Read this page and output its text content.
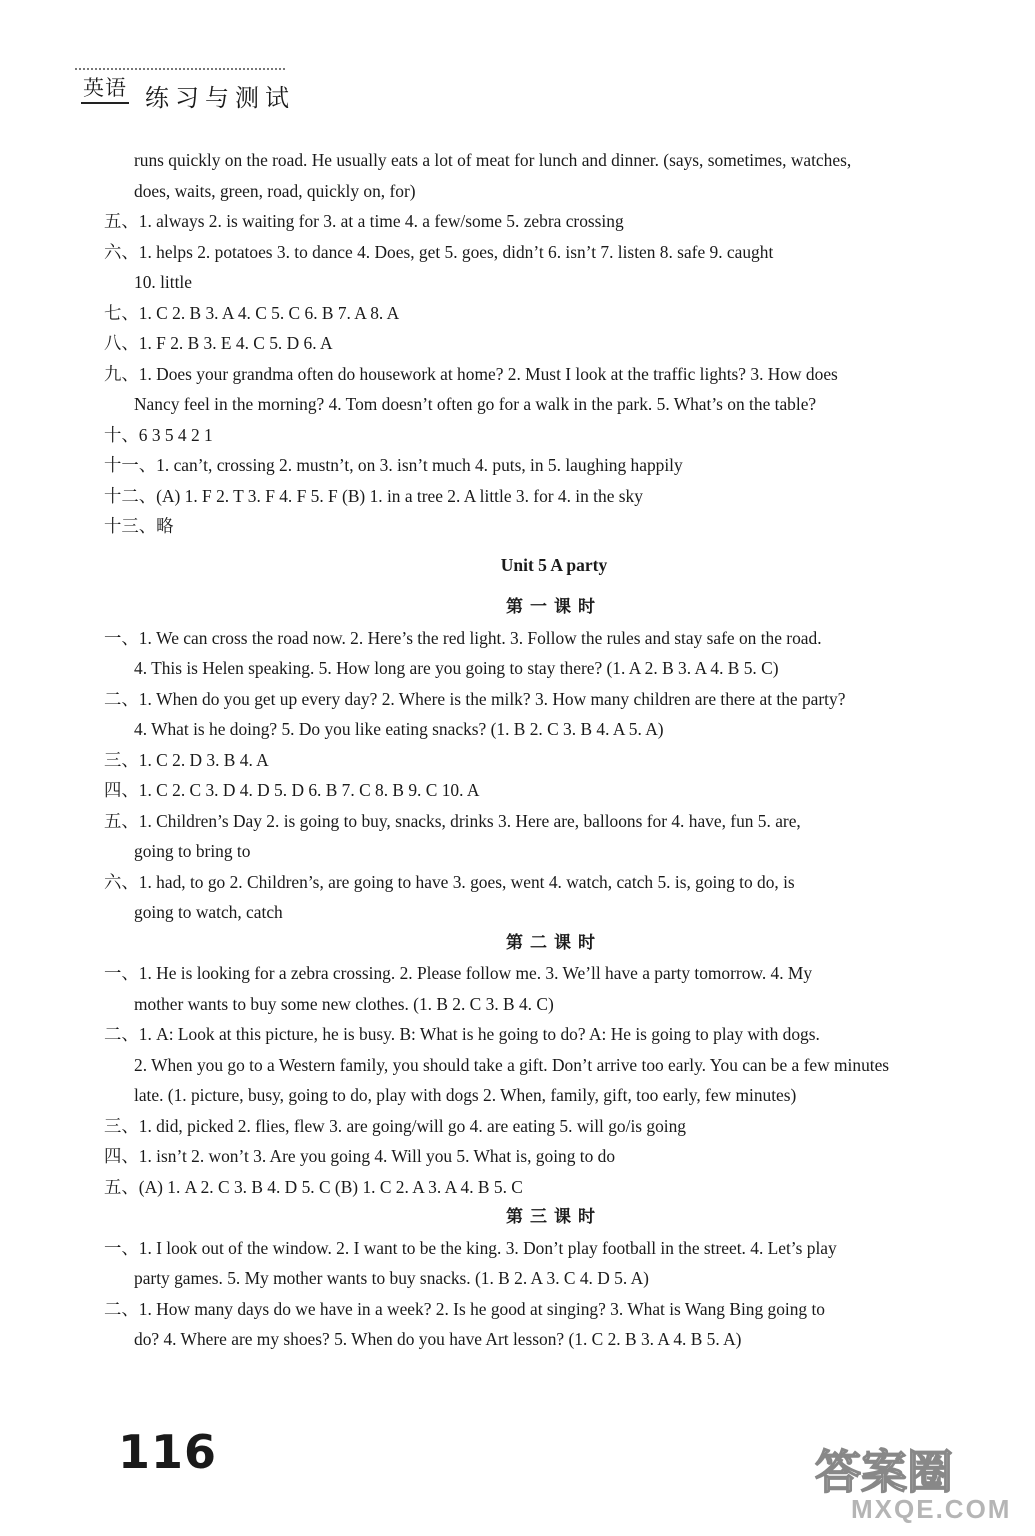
英语 练习与测试
runs quickly on the road. He usually eats a lot of meat for lunch and dinner. (says, sometimes, watches,
does, waits, green, road, quickly on, for)
五、1. always 2. is waiting for 3. at a time 4. a few/some 5. zebra crossing
六、1. helps 2. potatoes 3. to dance 4. Does, get 5. goes, didn’t 6. isn’t 7. listen 8. safe 9. caught
10. little
七、1. C 2. B 3. A 4. C 5. C 6. B 7. A 8. A
八、1. F 2. B 3. E 4. C 5. D 6. A
九、1. Does your grandma often do housework at home? 2. Must I look at the traffic lights? 3. How does
Nancy feel in the morning? 4. Tom doesn’t often go for a walk in the park. 5. What’s on the table?
十、6 3 5 4 2 1
十一、1. can’t, crossing 2. mustn’t, on 3. isn’t much 4. puts, in 5. laughing happily
十二、(A) 1. F 2. T 3. F 4. F 5. F (B) 1. in a tree 2. A little 3. for 4. in the sky
十三、略
Unit 5 A party
第一课时
一、1. We can cross the road now. 2. Here’s the red light. 3. Follow the rules and stay safe on the road.
4. This is Helen speaking. 5. How long are you going to stay there? (1. A 2. B 3. A 4. B 5. C)
二、1. When do you get up every day? 2. Where is the milk? 3. How many children are there at the party?
4. What is he doing? 5. Do you like eating snacks? (1. B 2. C 3. B 4. A 5. A)
三、1. C 2. D 3. B 4. A
四、1. C 2. C 3. D 4. D 5. D 6. B 7. C 8. B 9. C 10. A
五、1. Children’s Day 2. is going to buy, snacks, drinks 3. Here are, balloons for 4. have, fun 5. are,
going to bring to
六、1. had, to go 2. Children’s, are going to have 3. goes, went 4. watch, catch 5. is, going to do, is
going to watch, catch
第二课时
一、1. He is looking for a zebra crossing. 2. Please follow me. 3. We’ll have a party tomorrow. 4. My
mother wants to buy some new clothes. (1. B 2. C 3. B 4. C)
二、1. A: Look at this picture, he is busy. B: What is he going to do? A: He is going to play with dogs.
2. When you go to a Western family, you should take a gift. Don’t arrive too early. You can be a few minutes
late. (1. picture, busy, going to do, play with dogs 2. When, family, gift, too early, few minutes)
三、1. did, picked 2. flies, flew 3. are going/will go 4. are eating 5. will go/is going
四、1. isn’t 2. won’t 3. Are you going 4. Will you 5. What is, going to do
五、(A) 1. A 2. C 3. B 4. D 5. C (B) 1. C 2. A 3. A 4. B 5. C
第三课时
一、1. I look out of the window. 2. I want to be the king. 3. Don’t play football in the street. 4. Let’s play
party games. 5. My mother wants to buy snacks. (1. B 2. A 3. C 4. D 5. A)
二、1. How many days do we have in a week? 2. Is he good at singing? 3. What is Wang Bing going to
do? 4. Where are my shoes? 5. When do you have Art lesson? (1. C 2. B 3. A 4. B 5. A)
116	答案圈
MXQE.COM
